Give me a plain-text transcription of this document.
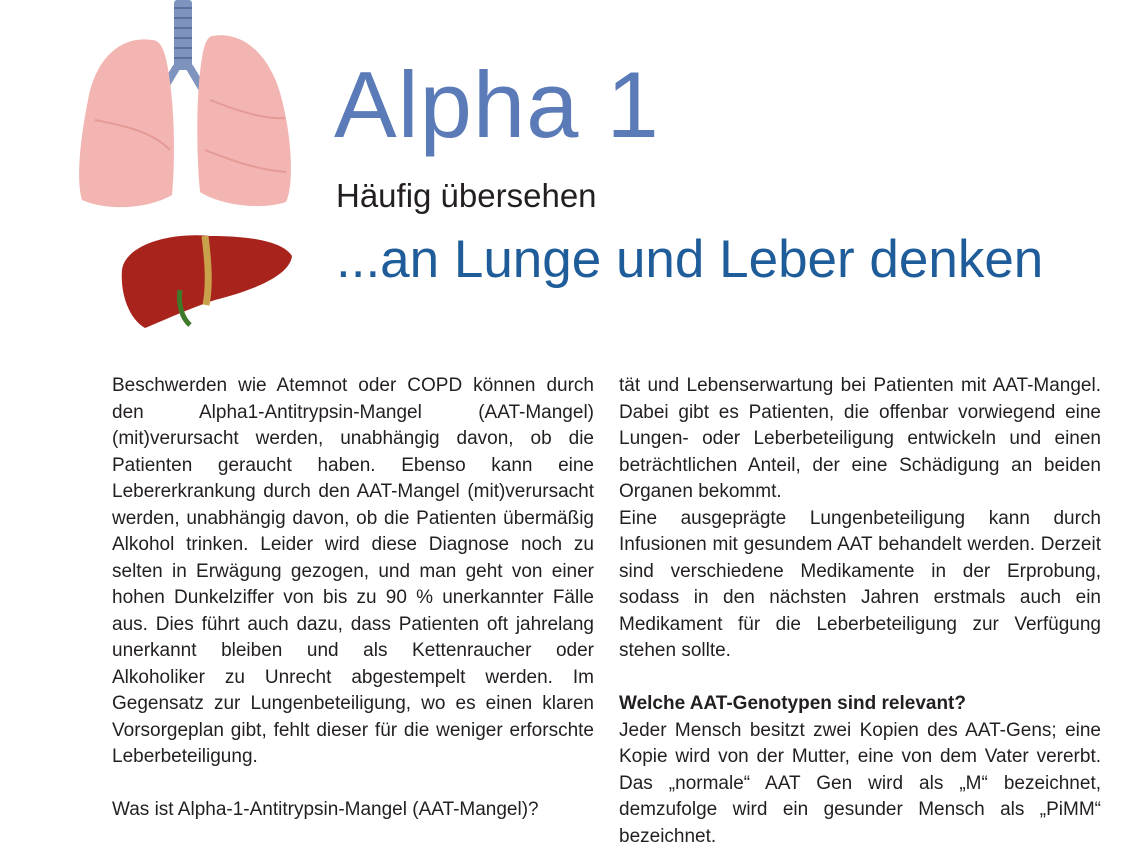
Alpha 1
Häufig übersehen
...an Lunge und Leber denken

Beschwerden wie Atemnot oder COPD können durch den Alpha1-Antitrypsin-Mangel (AAT-Mangel) (mit)verursacht werden, unabhängig davon, ob die Patienten geraucht haben. Ebenso kann eine Lebererkrankung durch den AAT-Mangel (mit)verursacht werden, unabhängig davon, ob die Patienten übermäßig Alkohol trinken. Leider wird diese Diagnose noch zu selten in Erwägung gezogen, und man geht von einer hohen Dunkelziffer von bis zu 90 % unerkannter Fälle aus. Dies führt auch dazu, dass Patienten oft jahrelang unerkannt bleiben und als Kettenraucher oder Alkoholiker zu Unrecht abgestempelt werden. Im Gegensatz zur Lungenbeteiligung, wo es einen klaren Vorsorgeplan gibt, fehlt dieser für die weniger erforschte Leberbeteiligung.

Was ist Alpha-1-Antitrypsin-Mangel (AAT-Mangel)?

tät und Lebenserwartung bei Patienten mit AAT-Mangel. Dabei gibt es Patienten, die offenbar vorwiegend eine Lungen- oder Leberbeteiligung entwickeln und einen beträchtlichen Anteil, der eine Schädigung an beiden Organen bekommt.

Eine ausgeprägte Lungenbeteiligung kann durch Infusionen mit gesundem AAT behandelt werden. Derzeit sind verschiedene Medikamente in der Erprobung, sodass in den nächsten Jahren erstmals auch ein Medikament für die Leberbeteiligung zur Verfügung stehen sollte.

Welche AAT-Genotypen sind relevant?

Jeder Mensch besitzt zwei Kopien des AAT-Gens; eine Kopie wird von der Mutter, eine von dem Vater vererbt. Das „normale“ AAT Gen wird als „M“ bezeichnet, demzufolge wird ein gesunder Mensch als „PiMM“ bezeichnet.
